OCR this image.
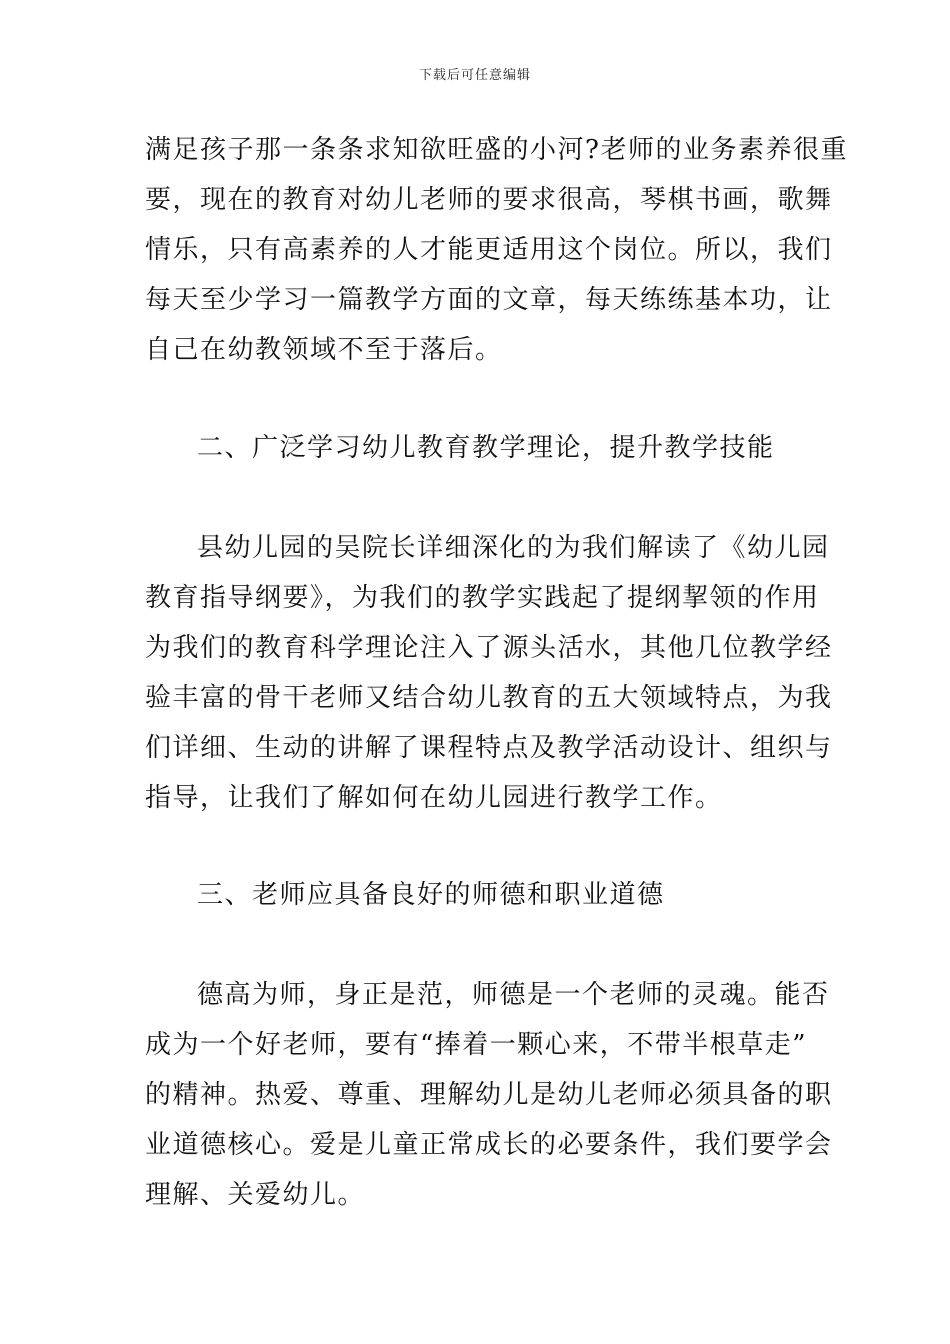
下载后可任意编辑
满足孩子那一条条求知欲旺盛的小河?老师的业务素养很重
要，现在的教育对幼儿老师的要求很高，琴棋书画，歌舞
情乐，只有高素养的人才能更适用这个岗位。所以，我们
每天至少学习一篇教学方面的文章，每天练练基本功，让
自己在幼教领域不至于落后。
二、广泛学习幼儿教育教学理论，提升教学技能
县幼儿园的吴院长详细深化的为我们解读了《幼儿园
教育指导纲要》，为我们的教学实践起了提纲挈领的作用
为我们的教育科学理论注入了源头活水，其他几位教学经
验丰富的骨干老师又结合幼儿教育的五大领域特点，为我
们详细、生动的讲解了课程特点及教学活动设计、组织与
指导，让我们了解如何在幼儿园进行教学工作。
三、老师应具备良好的师德和职业道德
德高为师，身正是范，师德是一个老师的灵魂。能否
成为一个好老师，要有“捧着一颗心来，不带半根草走”
的精神。热爱、尊重、理解幼儿是幼儿老师必须具备的职
业道德核心。爱是儿童正常成长的必要条件，我们要学会
理解、关爱幼儿。
